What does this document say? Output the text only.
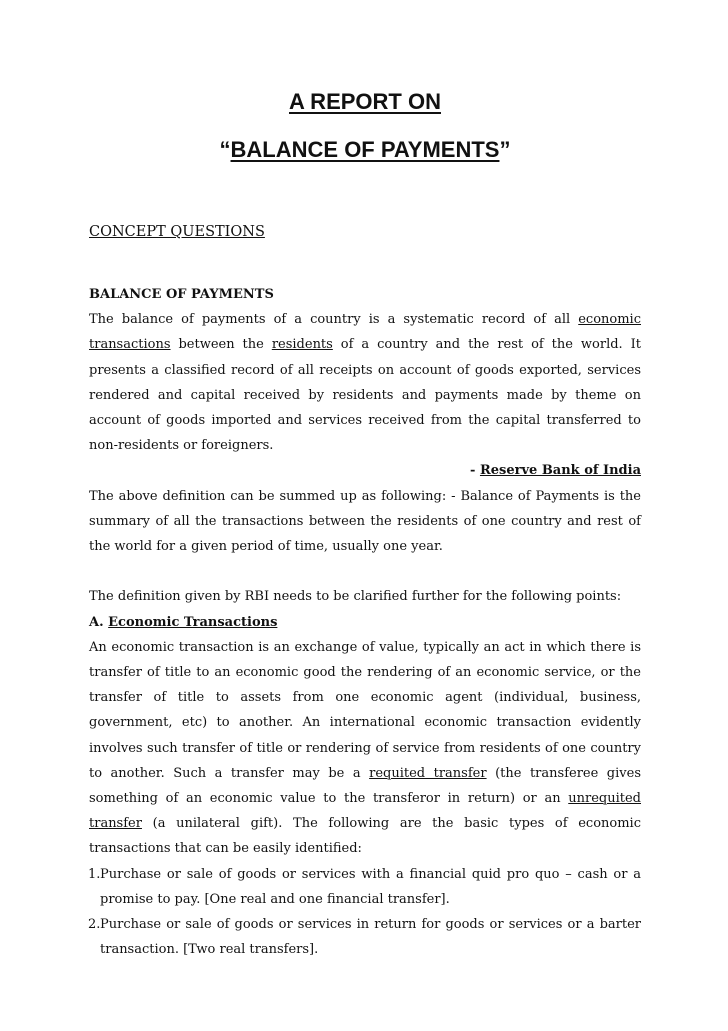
A REPORT ON
“BALANCE OF PAYMENTS”
CONCEPT QUESTIONS
BALANCE OF PAYMENTS

The balance of payments of a country is a systematic record of all economic transactions between the residents of a country and the rest of the world. It presents a classified record of all receipts on account of goods exported, services rendered and capital received by residents and payments made by theme on account of goods imported and services received from the capital transferred to non-residents or foreigners.

- Reserve Bank of India

The above definition can be summed up as following: - Balance of Payments is the summary of all the transactions between the residents of one country and rest of the world for a given period of time, usually one year.

The definition given by RBI needs to be clarified further for the following points:

A. Economic Transactions

An economic transaction is an exchange of value, typically an act in which there is transfer of title to an economic good the rendering of an economic service, or the transfer of title to assets from one economic agent (individual, business, government, etc) to another. An international economic transaction evidently involves such transfer of title or rendering of service from residents of one country to another. Such a transfer may be a requited transfer (the transferee gives something of an economic value to the transferor in return) or an unrequited transfer (a unilateral gift). The following are the basic types of economic transactions that can be easily identified:

1. Purchase or sale of goods or services with a financial quid pro quo – cash or a promise to pay. [One real and one financial transfer].
2. Purchase or sale of goods or services in return for goods or services or a barter transaction. [Two real transfers].
